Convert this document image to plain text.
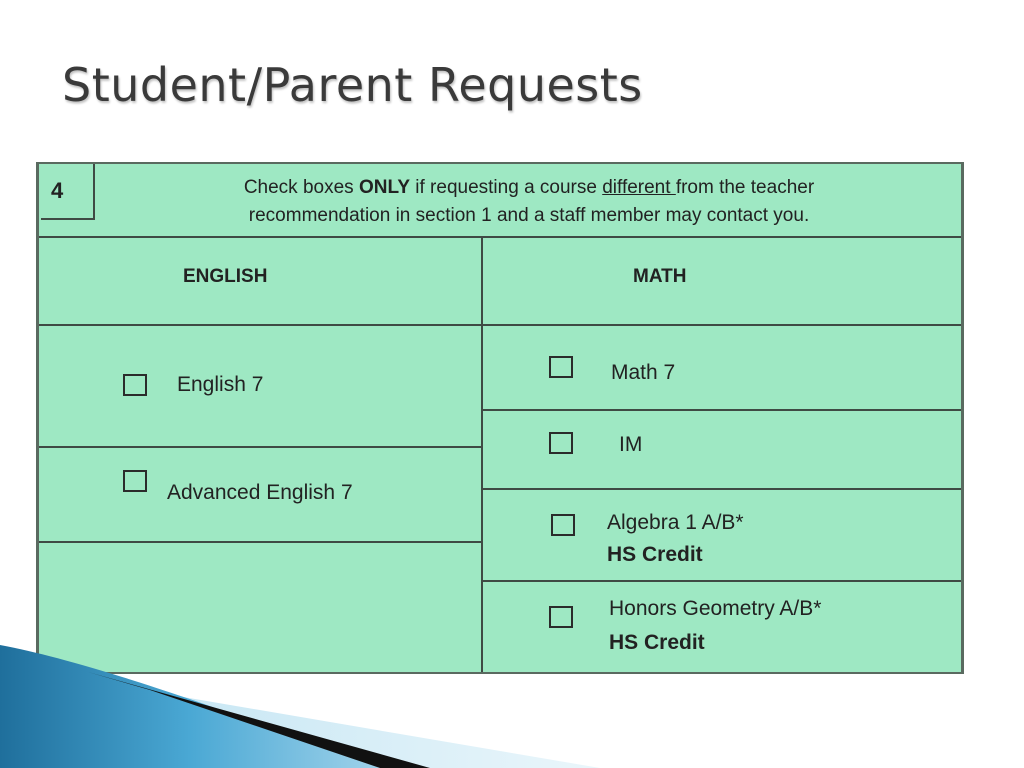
Student/Parent Requests
4	Check boxes ONLY if requesting a course different from the teacher
recommendation in section 1 and a staff member may contact you.
ENGLISH	MATH
English 7
Advanced English 7
Math 7
IM
Algebra 1 A/B*
HS Credit
Honors Geometry A/B*
HS Credit
